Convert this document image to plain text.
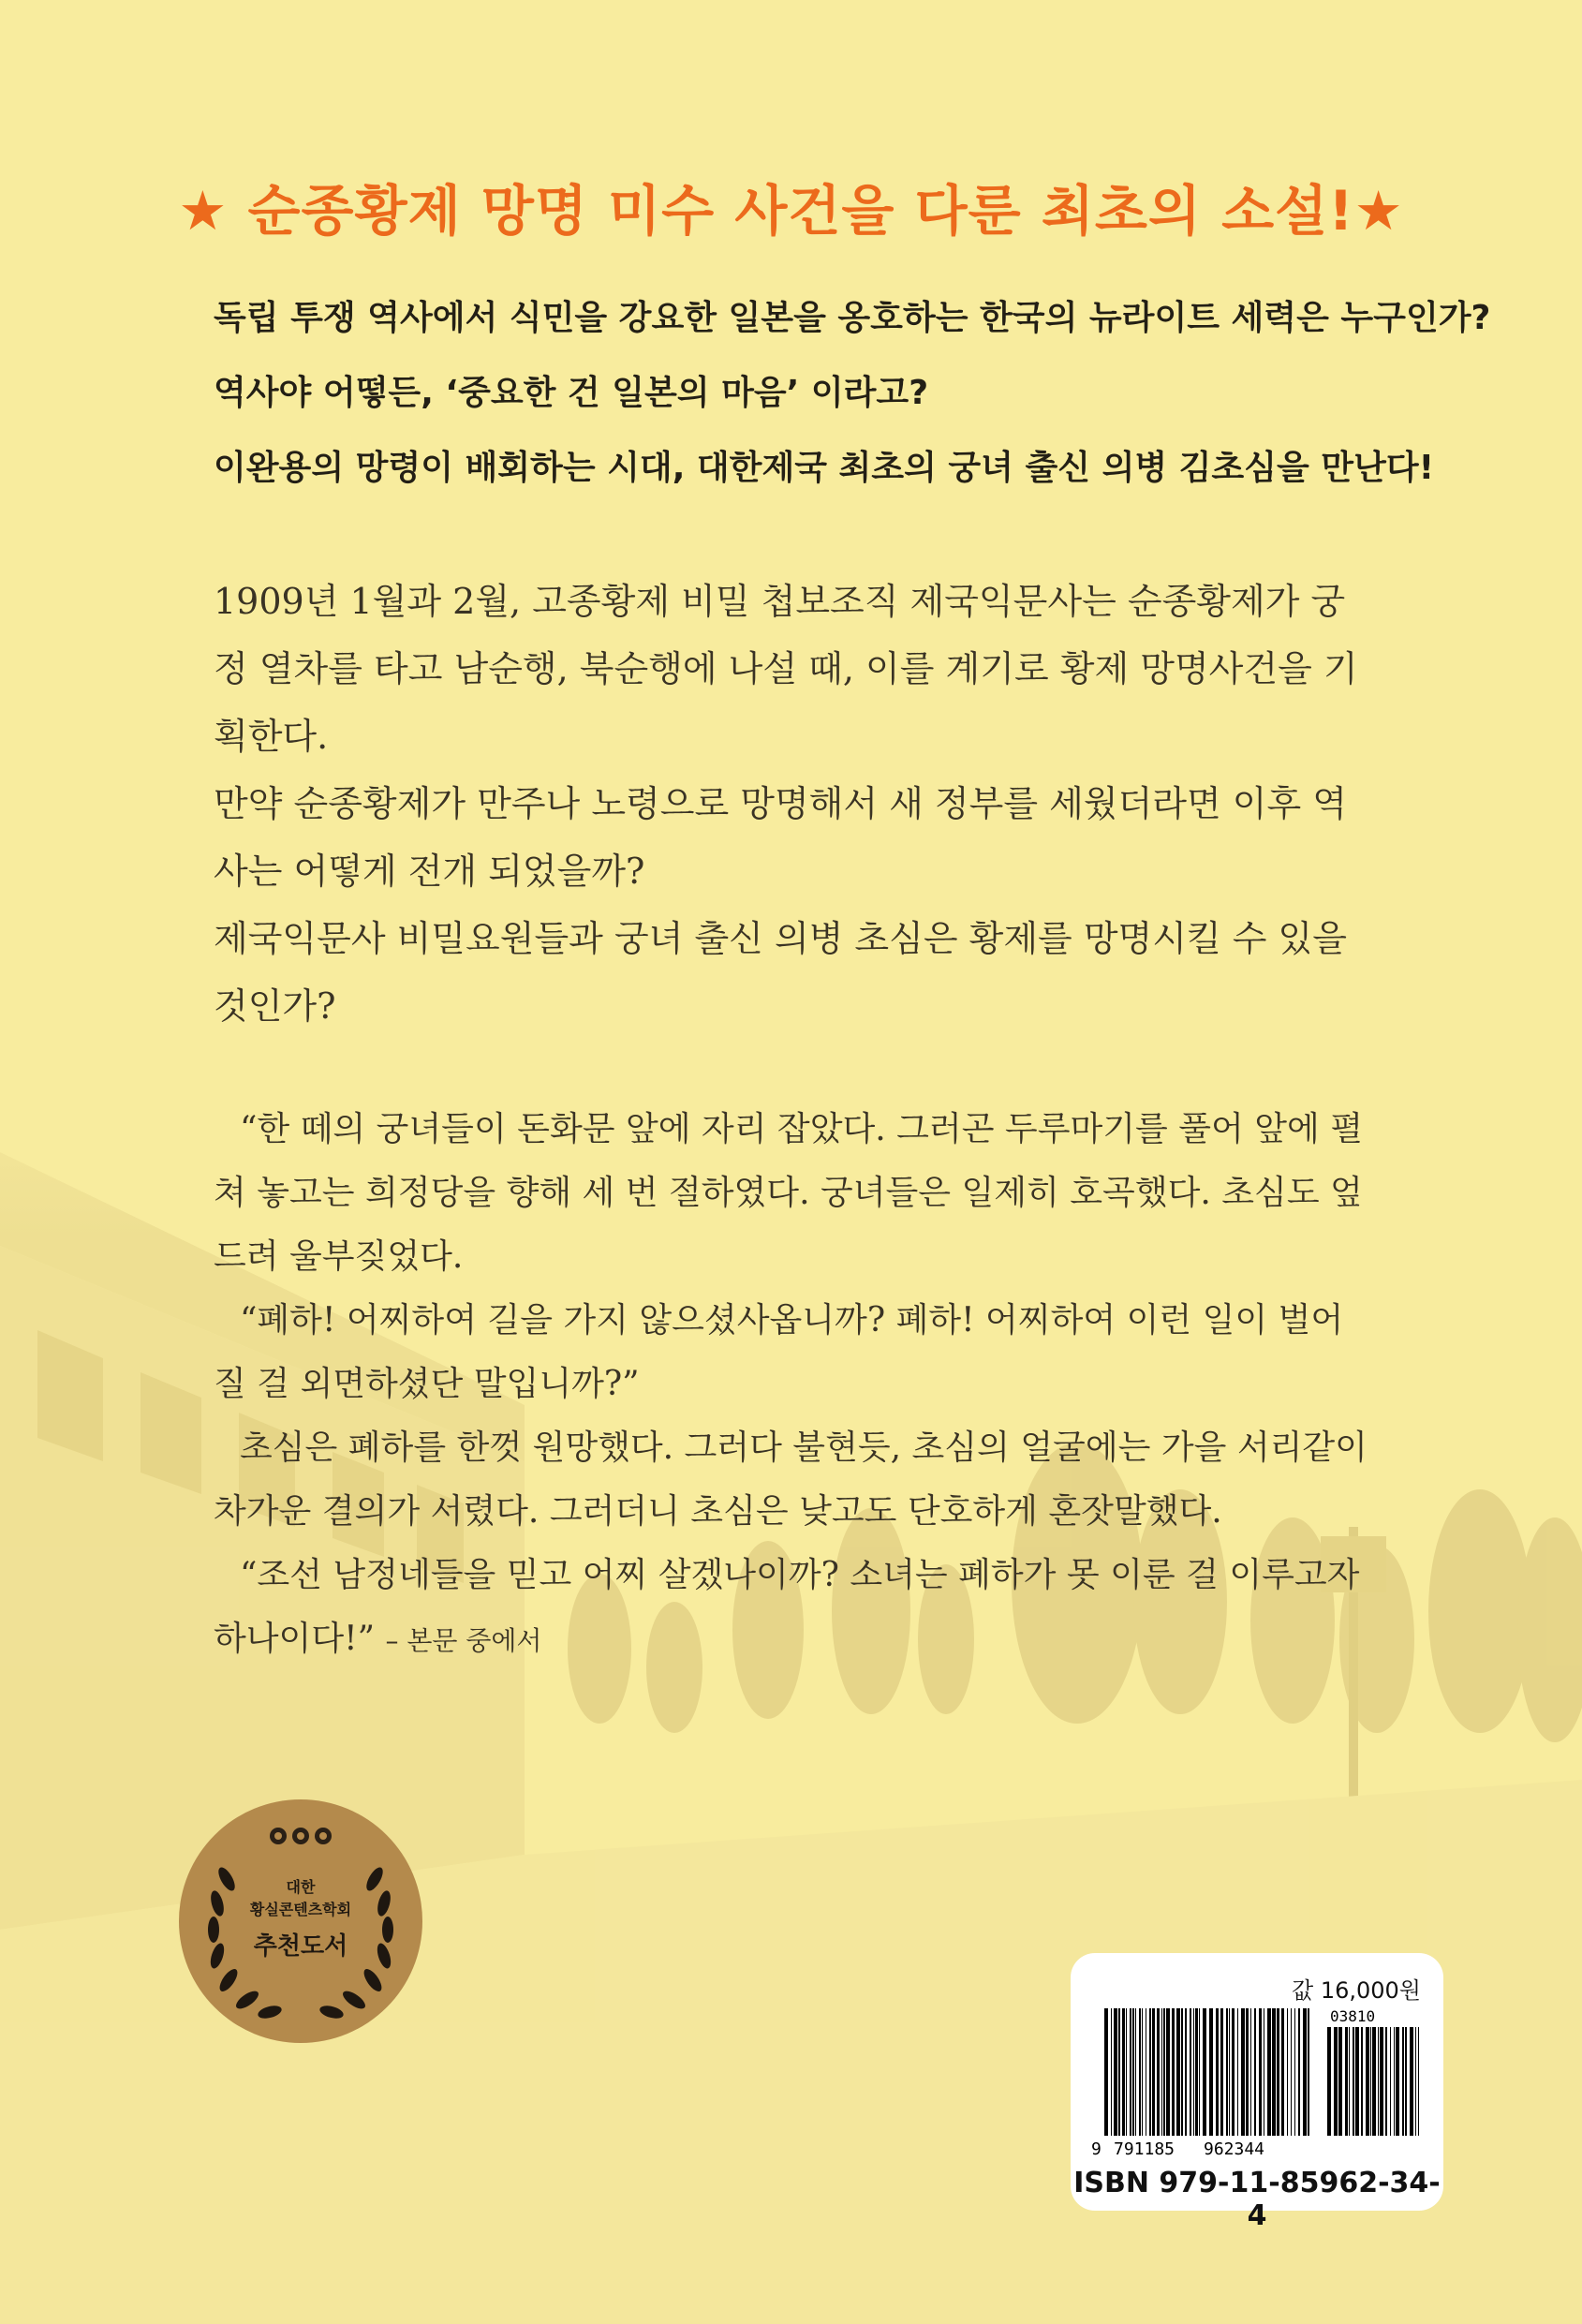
★ 순종황제 망명 미수 사건을 다룬 최초의 소설!★

독립 투쟁 역사에서 식민을 강요한 일본을 옹호하는 한국의 뉴라이트 세력은 누구인가?

역사야 어떻든, ‘중요한 건 일본의 마음’ 이라고?

이완용의 망령이 배회하는 시대, 대한제국 최초의 궁녀 출신 의병 김초심을 만난다!

1909년 1월과 2월, 고종황제 비밀 첩보조직 제국익문사는 순종황제가 궁정 열차를 타고 남순행, 북순행에 나설 때, 이를 계기로 황제 망명사건을 기획한다.

만약 순종황제가 만주나 노령으로 망명해서 새 정부를 세웠더라면 이후 역사는 어떻게 전개 되었을까?

제국익문사 비밀요원들과 궁녀 출신 의병 초심은 황제를 망명시킬 수 있을 것인가?

“한 떼의 궁녀들이 돈화문 앞에 자리 잡았다. 그러곤 두루마기를 풀어 앞에 펼쳐 놓고는 희정당을 향해 세 번 절하였다. 궁녀들은 일제히 호곡했다. 초심도 엎드려 울부짖었다.

“폐하! 어찌하여 길을 가지 않으셨사옵니까? 폐하! 어찌하여 이런 일이 벌어질 걸 외면하셨단 말입니까?”

초심은 폐하를 한껏 원망했다. 그러다 불현듯, 초심의 얼굴에는 가을 서리같이 차가운 결의가 서렸다. 그러더니 초심은 낮고도 단호하게 혼잣말했다.

“조선 남정네들을 믿고 어찌 살겠나이까? 소녀는 폐하가 못 이룬 걸 이루고자 하나이다!” – 본문 중에서

대한
황실콘텐츠학회
추천도서
값 16,000원
03810
9 791185 962344
ISBN 979-11-85962-34-4
